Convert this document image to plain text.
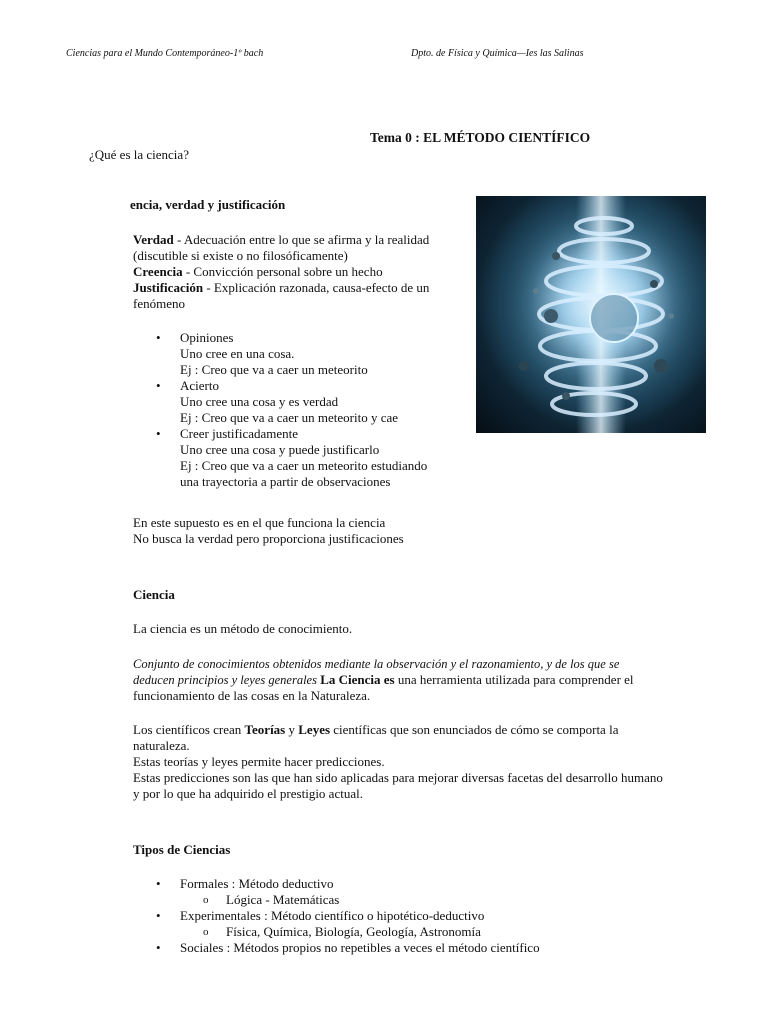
Ciencias para el Mundo Contemporáneo-1º bach	Dpto. de Física y Química—Ies las Salinas
Tema 0 : EL MÉTODO CIENTÍFICO
¿Qué es la ciencia?
encia, verdad y justificación

Verdad - Adecuación entre lo que se afirma y la realidad

(discutible si existe o no filosóficamente)

Creencia - Convicción personal sobre un hecho

Justificación - Explicación razonada, causa-efecto de un

fenómeno

• Opiniones

Uno cree en una cosa.

Ej : Creo que va a caer un meteorito

• Acierto

Uno cree una cosa y es verdad

Ej : Creo que va a caer un meteorito y cae

• Creer justificadamente

Uno cree una cosa y puede justificarlo

Ej : Creo que va a caer un meteorito estudiando

una trayectoria a partir de observaciones

En este supuesto es en el que funciona la ciencia

No busca la verdad pero proporciona justificaciones

Ciencia
La ciencia es un método de conocimiento.

Conjunto de conocimientos obtenidos mediante la observación y el razonamiento, y de los que se

deducen principios y leyes generales La Ciencia es una herramienta utilizada para comprender el

funcionamiento de las cosas en la Naturaleza.

Los científicos crean Teorías y Leyes científicas que son enunciados de cómo se comporta la

naturaleza.

Estas teorías y leyes permite hacer predicciones.

Estas predicciones son las que han sido aplicadas para mejorar diversas facetas del desarrollo humano

y por lo que ha adquirido el prestigio actual.

Tipos de Ciencias

• Formales : Método deductivo

o Lógica - Matemáticas

• Experimentales : Método científico o hipotético-deductivo

o Física, Química, Biología, Geología, Astronomía

• Sociales : Métodos propios no repetibles a veces el método científico
